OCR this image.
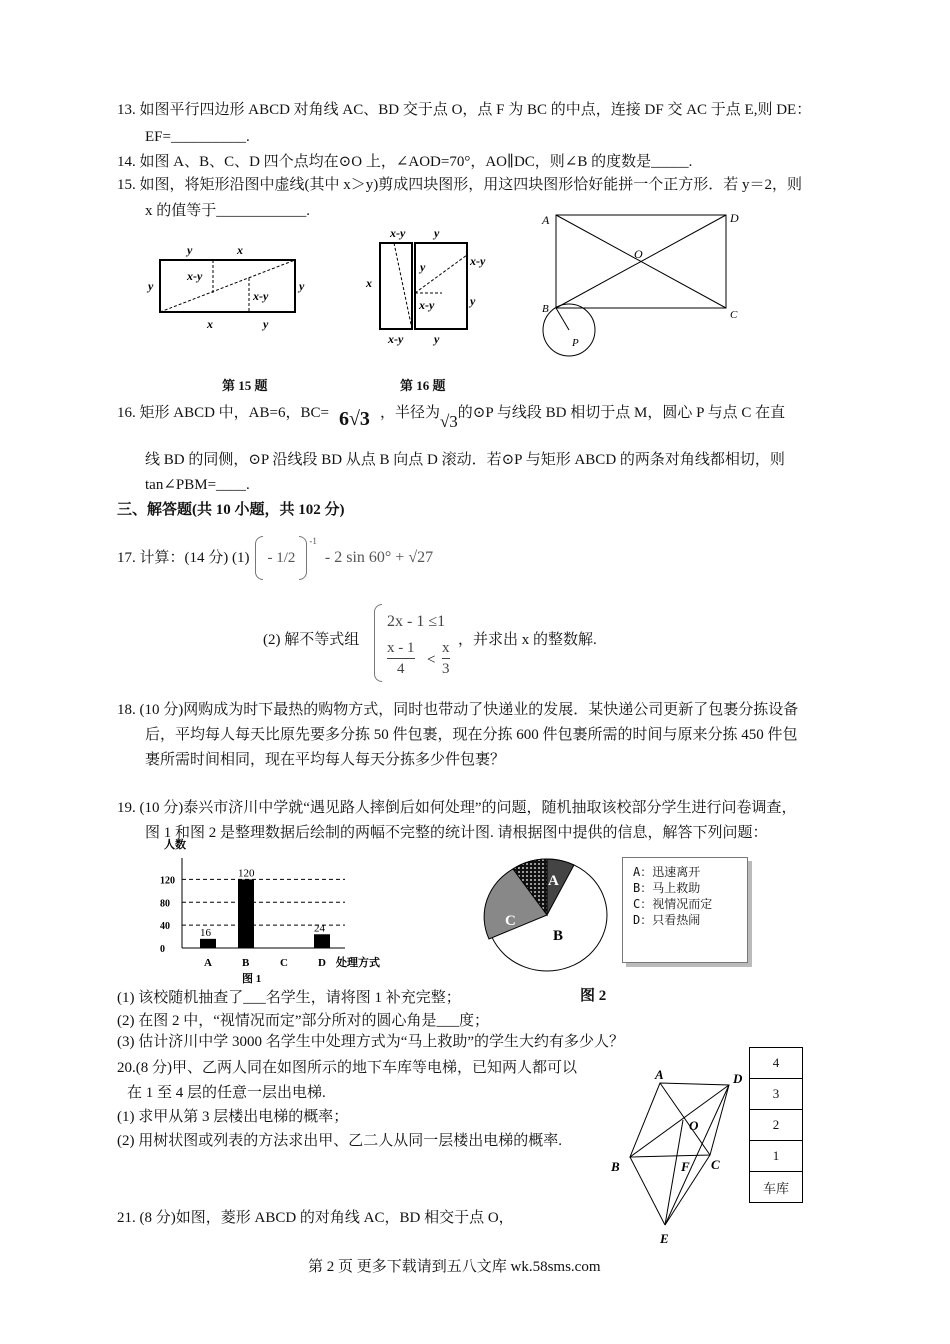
13. 如图平行四边形 ABCD 对角线 AC、BD 交于点 O，点 F 为 BC 的中点，连接 DF 交 AC 于点 E,则 DE：
EF=__________.
14. 如图 A、B、C、D 四个点均在⊙O 上，∠AOD=70°，AO∥DC，则∠B 的度数是_____.
15. 如图，将矩形沿图中虚线(其中 x＞y)剪成四块图形，用这四块图形恰好能拼一个正方形．若 y＝2，则
x 的值等于____________.
y	x
y	y
x-y
x-y
x	y
x-y y
x
y	x-y
x-y	y
x-y	y
A	D
O
B	C
P
第 15 题	第 16 题
16. 矩形 ABCD 中，AB=6，BC= 6√3 ，半径为√3的⊙P 与线段 BD 相切于点 M，圆心 P 与点 C 在直
线 BD 的同侧，⊙P 沿线段 BD 从点 B 向点 D 滚动．若⊙P 与矩形 ABCD 的两条对角线都相切，则
tan∠PBM=____.
三、解答题(共 10 小题，共 102 分)
17. 计算：(14 分) (1) - 1/2
-1
- 2 sin 60° + √27
(2) 解不等式组
2x - 1 ≤1
$\frac{x - 1}{4} < \frac{x}{3}$ ，并求出 x 的整数解.
18. (10 分)网购成为时下最热的购物方式，同时也带动了快递业的发展．某快递公司更新了包裹分拣设备
后，平均每人每天比原先要多分拣 50 件包裹，现在分拣 600 件包裹所需的时间与原来分拣 450 件包
裹所需时间相同，现在平均每人每天分拣多少件包裹？
19. (10 分)泰兴市济川中学就“遇见路人摔倒后如何处理”的问题，随机抽取该校部分学生进行问卷调查，
图 1 和图 2 是整理数据后绘制的两幅不完整的统计图. 请根据图中提供的信息，解答下列问题：
0
40
80
120
人数
处理方式
图 1
A
16
B
120
C	D
24
A
C
B
A：迅速离开
B：马上救助
C：视情况而定
D：只看热闹
图 2
(1) 该校随机抽查了___名学生，请将图 1 补充完整；
(2) 在图 2 中，“视情况而定”部分所对的圆心角是___度；
(3) 估计济川中学 3000 名学生中处理方式为“马上救助”的学生大约有多少人？
20.(8 分)甲、乙两人同在如图所示的地下车库等电梯，已知两人都可以
在 1 至 4 层的任意一层出电梯.
(1) 求甲从第 3 层楼出电梯的概率；
(2) 用树状图或列表的方法求出甲、乙二人从同一层楼出电梯的概率.
A	D
O
B	F C
E
4
3
2
1
车库
21. (8 分)如图，菱形 ABCD 的对角线 AC，BD 相交于点 O，
第 2 页 更多下载请到五八文库 wk.58sms.com
